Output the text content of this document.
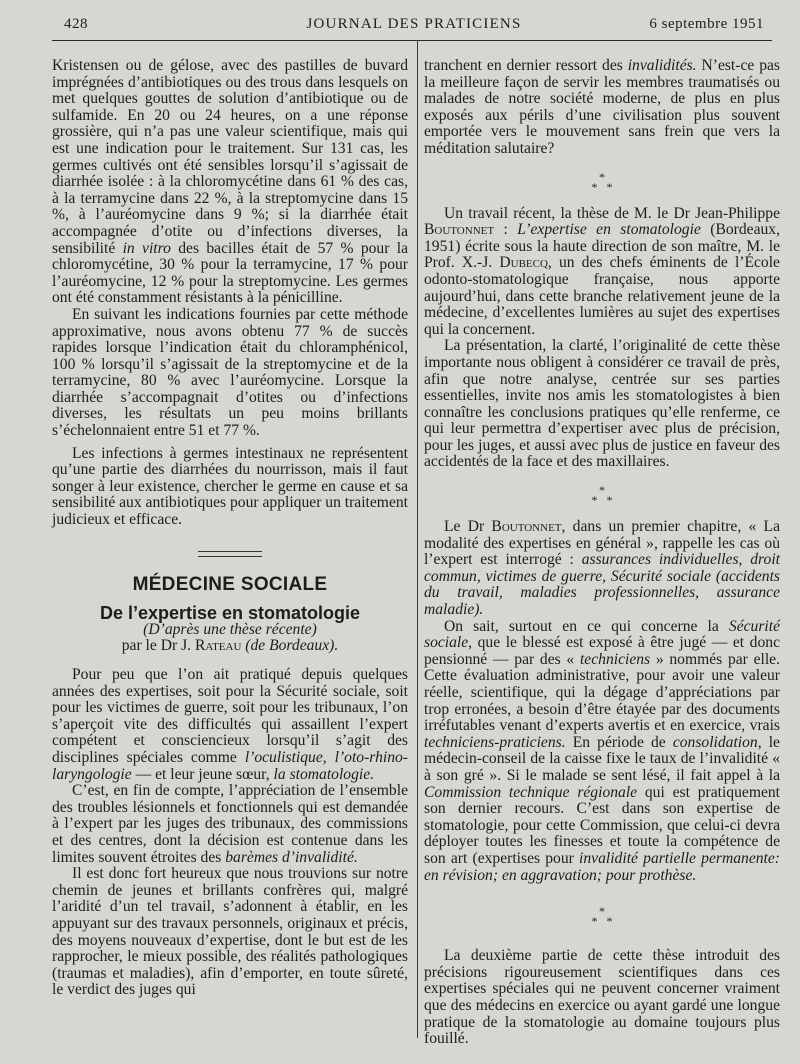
428	JOURNAL DES PRATICIENS	6 septembre 1951

Kristensen ou de gélose, avec des pastilles de buvard imprégnées d’antibiotiques ou des trous dans lesquels on met quelques gouttes de solution d’antibiotique ou de sulfamide. En 20 ou 24 heures, on a une réponse grossière, qui n’a pas une valeur scientifique, mais qui est une indication pour le traitement. Sur 131 cas, les germes cultivés ont été sensibles lorsqu’il s’agissait de diarrhée isolée : à la chloromycétine dans 61 % des cas, à la terramycine dans 22 %, à la streptomycine dans 15 %, à l’auréomycine dans 9 %; si la diarrhée était accompagnée d’otite ou d’infections diverses, la sensibilité in vitro des bacilles était de 57 % pour la chloromycétine, 30 % pour la terramycine, 17 % pour l’auréomycine, 12 % pour la streptomycine. Les germes ont été constamment résistants à la pénicilline.

En suivant les indications fournies par cette méthode approximative, nous avons obtenu 77 % de succès rapides lorsque l’indication était du chloramphénicol, 100 % lorsqu’il s’agissait de la streptomycine et de la terramycine, 80 % avec l’auréomycine. Lorsque la diarrhée s’accompagnait d’otites ou d’infections diverses, les résultats un peu moins brillants s’échelonnaient entre 51 et 77 %.

Les infections à germes intestinaux ne représentent qu’une partie des diarrhées du nourrisson, mais il faut songer à leur existence, chercher le germe en cause et sa sensibilité aux antibiotiques pour appliquer un traitement judicieux et efficace.

MÉDECINE SOCIALE
De l’expertise en stomatologie
(D’après une thèse récente)
par le Dr J. Rateau (de Bordeaux).

Pour peu que l’on ait pratiqué depuis quelques années des expertises, soit pour la Sécurité sociale, soit pour les victimes de guerre, soit pour les tribunaux, l’on s’aperçoit vite des difficultés qui assaillent l’expert compétent et consciencieux lorsqu’il s’agit des disciplines spéciales comme l’oculistique, l’oto-rhino-laryngologie — et leur jeune sœur, la stomatologie.

C’est, en fin de compte, l’appréciation de l’ensemble des troubles lésionnels et fonctionnels qui est demandée à l’expert par les juges des tribunaux, des commissions et des centres, dont la décision est contenue dans les limites souvent étroites des barèmes d’invalidité.

Il est donc fort heureux que nous trouvions sur notre chemin de jeunes et brillants confrères qui, malgré l’aridité d’un tel travail, s’adonnent à établir, en les appuyant sur des travaux personnels, originaux et précis, des moyens nouveaux d’expertise, dont le but est de les rapprocher, le mieux possible, des réalités pathologiques (traumas et maladies), afin d’emporter, en toute sûreté, le verdict des juges qui

tranchent en dernier ressort des invalidités. N’est-ce pas la meilleure façon de servir les membres traumatisés ou malades de notre société moderne, de plus en plus exposés aux périls d’une civilisation plus souvent emportée vers le mouvement sans frein que vers la méditation salutaire?

*
* *

Un travail récent, la thèse de M. le Dr Jean-Philippe Boutonnet : L’expertise en stomatologie (Bordeaux, 1951) écrite sous la haute direction de son maître, M. le Prof. X.-J. Dubecq, un des chefs éminents de l’École odonto-stomatologique française, nous apporte aujourd’hui, dans cette branche relativement jeune de la médecine, d’excellentes lumières au sujet des expertises qui la concernent.

La présentation, la clarté, l’originalité de cette thèse importante nous obligent à considérer ce travail de près, afin que notre analyse, centrée sur ses parties essentielles, invite nos amis les stomatologistes à bien connaître les conclusions pratiques qu’elle renferme, ce qui leur permettra d’expertiser avec plus de précision, pour les juges, et aussi avec plus de justice en faveur des accidentés de la face et des maxillaires.

*
* *

Le Dr Boutonnet, dans un premier chapitre, « La modalité des expertises en général », rappelle les cas où l’expert est interrogé : assurances individuelles, droit commun, victimes de guerre, Sécurité sociale (accidents du travail, maladies professionnelles, assurance maladie).

On sait, surtout en ce qui concerne la Sécurité sociale, que le blessé est exposé à être jugé — et donc pensionné — par des « techniciens » nommés par elle. Cette évaluation administrative, pour avoir une valeur réelle, scientifique, qui la dégage d’appréciations par trop erronées, a besoin d’être étayée par des documents irréfutables venant d’experts avertis et en exercice, vrais techniciens-praticiens. En période de consolidation, le médecin-conseil de la caisse fixe le taux de l’invalidité « à son gré ». Si le malade se sent lésé, il fait appel à la Commission technique régionale qui est pratiquement son dernier recours. C’est dans son expertise de stomatologie, pour cette Commission, que celui-ci devra déployer toutes les finesses et toute la compétence de son art (expertises pour invalidité partielle permanente: en révision; en aggravation; pour prothèse.

*
* *

La deuxième partie de cette thèse introduit des précisions rigoureusement scientifiques dans ces expertises spéciales qui ne peuvent concerner vraiment que des médecins en exercice ou ayant gardé une longue pratique de la stomatologie au domaine toujours plus fouillé.
